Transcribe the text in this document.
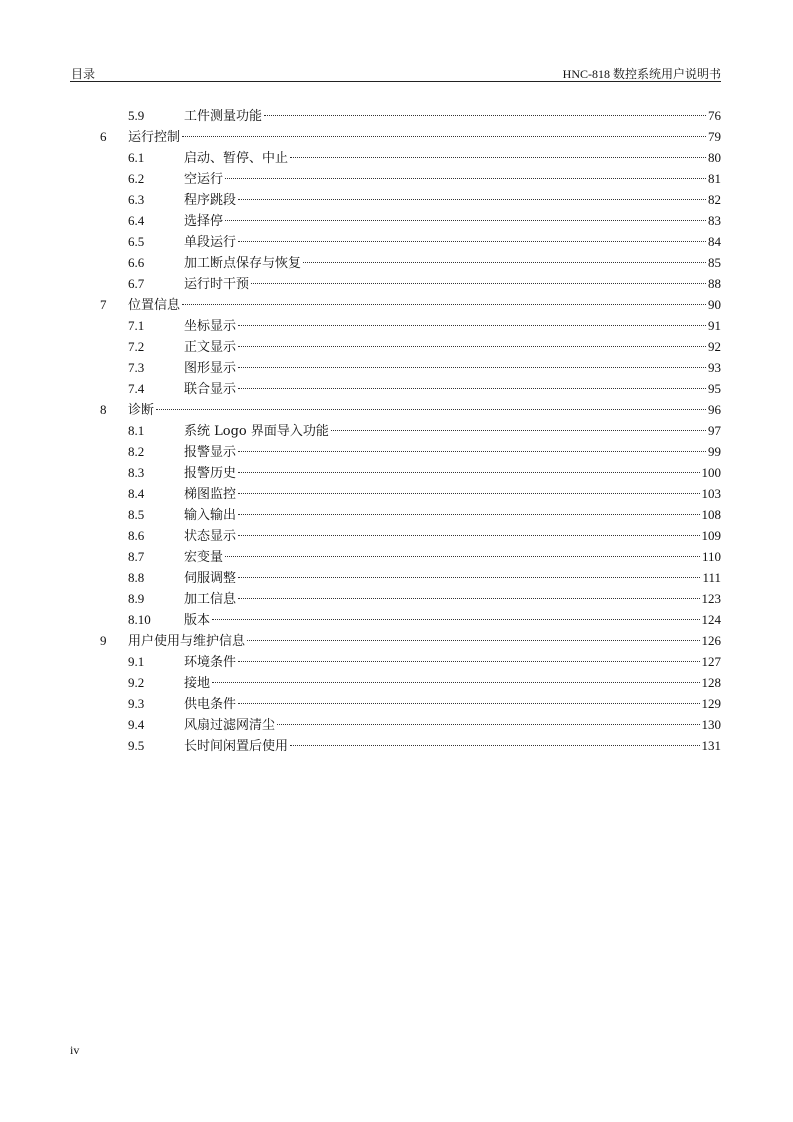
目录	HNC-818 数控系统用户说明书
5.9	工件测量功能	76
6 运行控制	79
6.1	启动、暂停、中止	80
6.2	空运行	81
6.3	程序跳段	82
6.4	选择停	83
6.5	单段运行	84
6.6	加工断点保存与恢复	85
6.7	运行时干预	88
7 位置信息	90
7.1	坐标显示	91
7.2	正文显示	92
7.3	图形显示	93
7.4	联合显示	95
8 诊断	96
8.1	系统 Logo 界面导入功能	97
8.2	报警显示	99
8.3	报警历史	100
8.4	梯图监控	103
8.5	输入输出	108
8.6	状态显示	109
8.7	宏变量	110
8.8	伺服调整	111
8.9	加工信息	123
8.10	版本	124
9 用户使用与维护信息	126
9.1	环境条件	127
9.2	接地	128
9.3	供电条件	129
9.4	风扇过滤网清尘	130
9.5	长时间闲置后使用	131
iv
